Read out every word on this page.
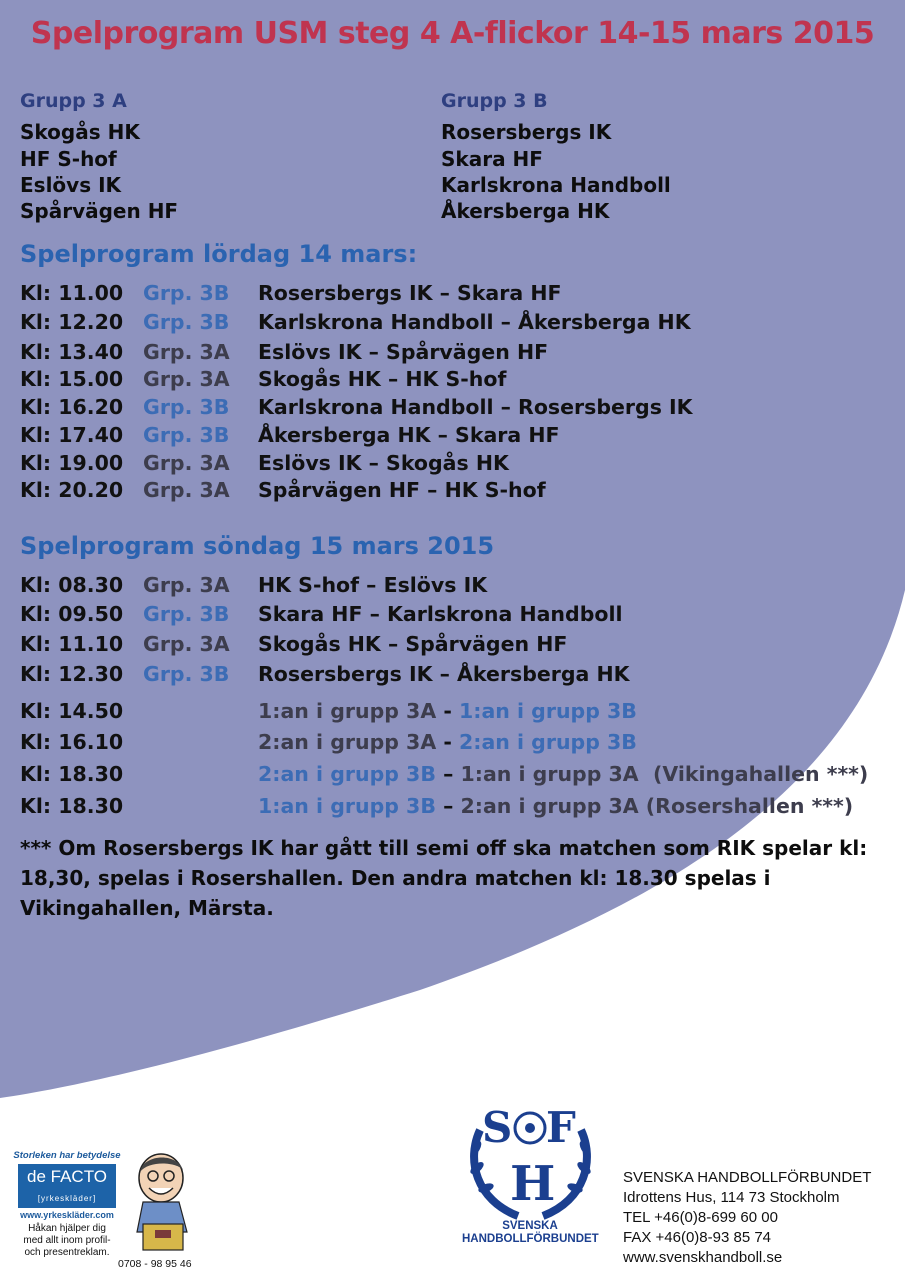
Spelprogram USM steg 4 A-flickor 14-15 mars 2015
Grupp 3 A
Skogås HK
HF S-hof
Eslövs IK
Spårvägen HF
Grupp 3 B
Rosersbergs IK
Skara HF
Karlskrona Handboll
Åkersberga HK
Spelprogram lördag 14 mars:
Kl: 11.00 Grp. 3B Rosersbergs IK – Skara HF
Kl: 12.20 Grp. 3B Karlskrona Handboll – Åkersberga HK
Kl: 13.40 Grp. 3A Eslövs IK – Spårvägen HF
Kl: 15.00 Grp. 3A Skogås HK – HK S-hof
Kl: 16.20 Grp. 3B Karlskrona Handboll – Rosersbergs IK
Kl: 17.40 Grp. 3B Åkersberga HK – Skara HF
Kl: 19.00 Grp. 3A Eslövs IK – Skogås HK
Kl: 20.20 Grp. 3A Spårvägen HF – HK S-hof
Spelprogram söndag 15 mars 2015
Kl: 08.30 Grp. 3A HK S-hof – Eslövs IK
Kl: 09.50 Grp. 3B Skara HF – Karlskrona Handboll
Kl: 11.10 Grp. 3A Skogås HK – Spårvägen HF
Kl: 12.30 Grp. 3B Rosersbergs IK – Åkersberga HK
Kl: 14.50	1:an i grupp 3A - 1:an i grupp 3B
Kl: 16.10	2:an i grupp 3A - 2:an i grupp 3B
Kl: 18.30	2:an i grupp 3B – 1:an i grupp 3A  (Vikingahallen ***)
Kl: 18.30	1:an i grupp 3B – 2:an i grupp 3A (Rosershallen ***)
*** Om Rosersbergs IK har gått till semi off ska matchen som RIK spelar kl: 18,30, spelas i Rosershallen. Den andra matchen kl: 18.30 spelas i Vikingahallen, Märsta.
Storleken har betydelse
de FACTO
[yrkeskläder]
www.yrkeskläder.com
Håkan hjälper dig
med allt inom profil-
och presentreklam.
0708 - 98 95 46
S F
H
SVENSKA HANDBOLLFÖRBUNDET
SVENSKA HANDBOLLFÖRBUNDET
Idrottens Hus, 114 73 Stockholm
TEL +46(0)8-699 60 00
FAX +46(0)8-93 85 74
www.svenskhandboll.se
